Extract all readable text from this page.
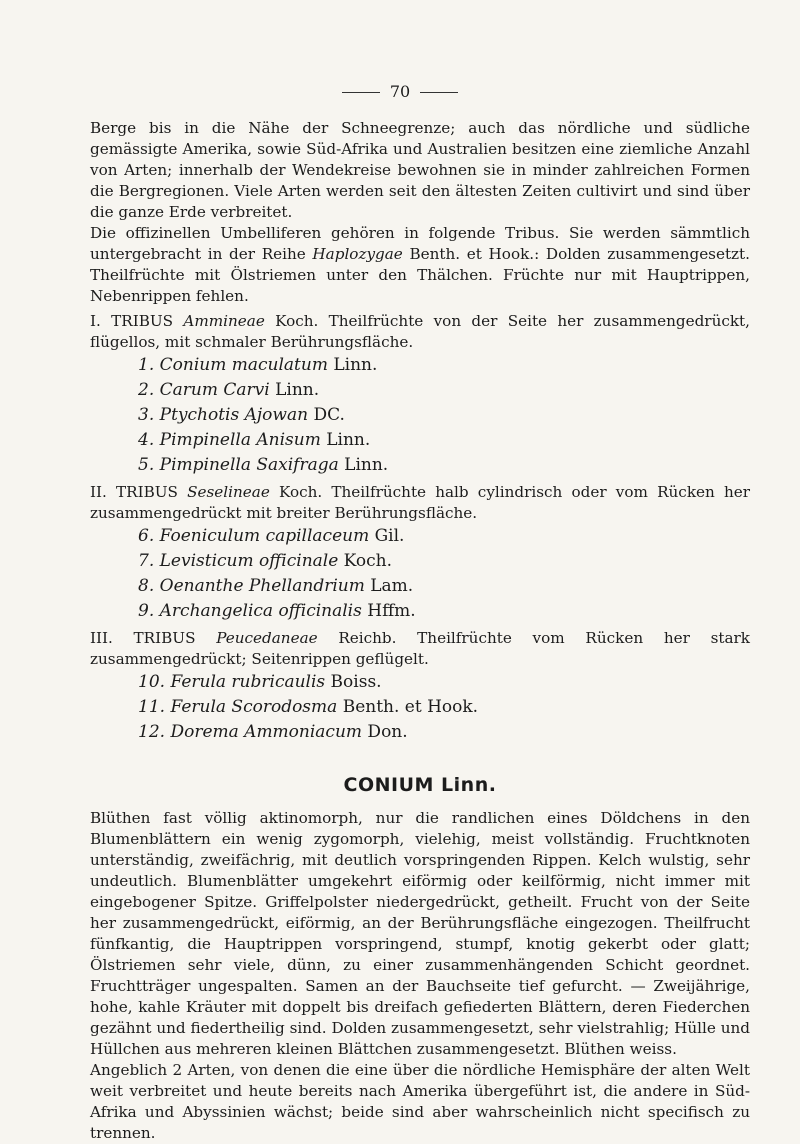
70

Berge bis in die Nähe der Schneegrenze; auch das nördliche und südliche gemässigte Amerika, sowie Süd-Afrika und Australien besitzen eine ziemliche Anzahl von Arten; innerhalb der Wendekreise bewohnen sie in minder zahlreichen Formen die Bergregionen. Viele Arten werden seit den ältesten Zeiten cultivirt und sind über die ganze Erde verbreitet.

Die offizinellen Umbelliferen gehören in folgende Tribus. Sie werden sämmtlich untergebracht in der Reihe Haplozygae Benth. et Hook.: Dolden zusammengesetzt. Theilfrüchte mit Ölstriemen unter den Thälchen. Früchte nur mit Hauptrippen, Nebenrippen fehlen.

I. TRIBUS Ammineae Koch. Theilfrüchte von der Seite her zusammengedrückt, flügellos, mit schmaler Berührungsfläche.

1. Conium maculatum Linn.
2. Carum Carvi Linn.
3. Ptychotis Ajowan DC.
4. Pimpinella Anisum Linn.
5. Pimpinella Saxifraga Linn.

II. TRIBUS Seselineae Koch. Theilfrüchte halb cylindrisch oder vom Rücken her zusammengedrückt mit breiter Berührungsfläche.

6. Foeniculum capillaceum Gil.
7. Levisticum officinale Koch.
8. Oenanthe Phellandrium Lam.
9. Archangelica officinalis Hffm.

III. TRIBUS Peucedaneae Reichb. Theilfrüchte vom Rücken her stark zusammengedrückt; Seitenrippen geflügelt.

10. Ferula rubricaulis Boiss.
11. Ferula Scorodosma Benth. et Hook.
12. Dorema Ammoniacum Don.
CONIUM Linn.

Blüthen fast völlig aktinomorph, nur die randlichen eines Döldchens in den Blumenblättern ein wenig zygomorph, vielehig, meist vollständig. Fruchtknoten unterständig, zweifächrig, mit deutlich vorspringenden Rippen. Kelch wulstig, sehr undeutlich. Blumenblätter umgekehrt eiförmig oder keilförmig, nicht immer mit eingebogener Spitze. Griffelpolster niedergedrückt, getheilt. Frucht von der Seite her zusammengedrückt, eiförmig, an der Berührungsfläche eingezogen. Theilfrucht fünfkantig, die Hauptrippen vorspringend, stumpf, knotig gekerbt oder glatt; Ölstriemen sehr viele, dünn, zu einer zusammenhängenden Schicht geordnet. Fruchtträger ungespalten. Samen an der Bauchseite tief gefurcht. — Zweijährige, hohe, kahle Kräuter mit doppelt bis dreifach gefiederten Blättern, deren Fiederchen gezähnt und fiedertheilig sind. Dolden zusammengesetzt, sehr vielstrahlig; Hülle und Hüllchen aus mehreren kleinen Blättchen zusammengesetzt. Blüthen weiss.

Angeblich 2 Arten, von denen die eine über die nördliche Hemisphäre der alten Welt weit verbreitet und heute bereits nach Amerika übergeführt ist, die andere in Süd-Afrika und Abyssinien wächst; beide sind aber wahrscheinlich nicht specifisch zu trennen.
